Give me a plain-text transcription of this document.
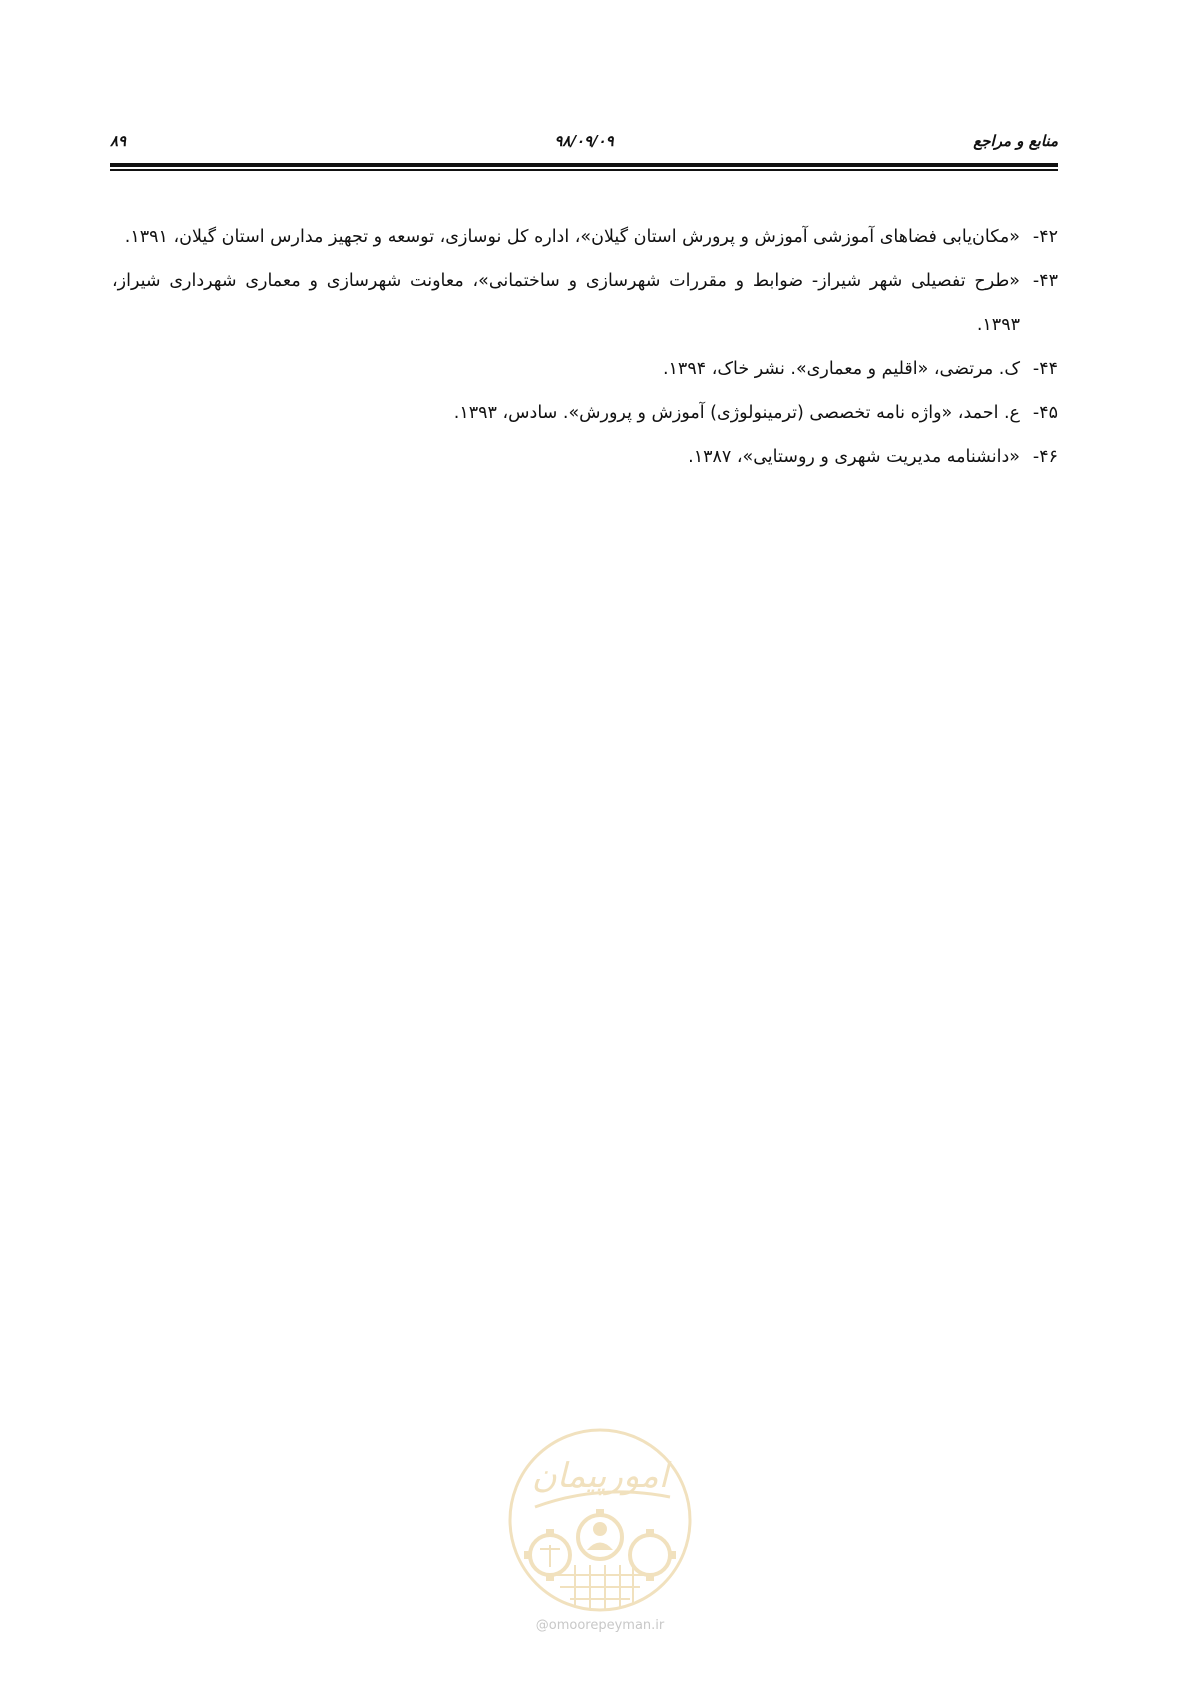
منابع و مراجع
۹۸/۰۹/۰۹
۸۹
۴۲-
«مکان‌یابی فضاهای آموزشی آموزش و پرورش استان گیلان»، اداره کل نوسازی، توسعه و تجهیز مدارس استان گیلان، ۱۳۹۱.
۴۳-
«طرح تفصیلی شهر شیراز- ضوابط و مقررات شهرسازی و ساختمانی»، معاونت شهرسازی و معماری شهرداری شیراز، ۱۳۹۳.
۴۴-
ک. مرتضی، «اقلیم و معماری». نشر خاک، ۱۳۹۴.
۴۵-
ع. احمد، «واژه نامه تخصصی (ترمینولوژی) آموزش و پرورش». سادس، ۱۳۹۳.
۴۶-
«دانشنامه مدیریت شهری و روستایی»، ۱۳۸۷.
امورپیمان
@omoorepeyman.ir
